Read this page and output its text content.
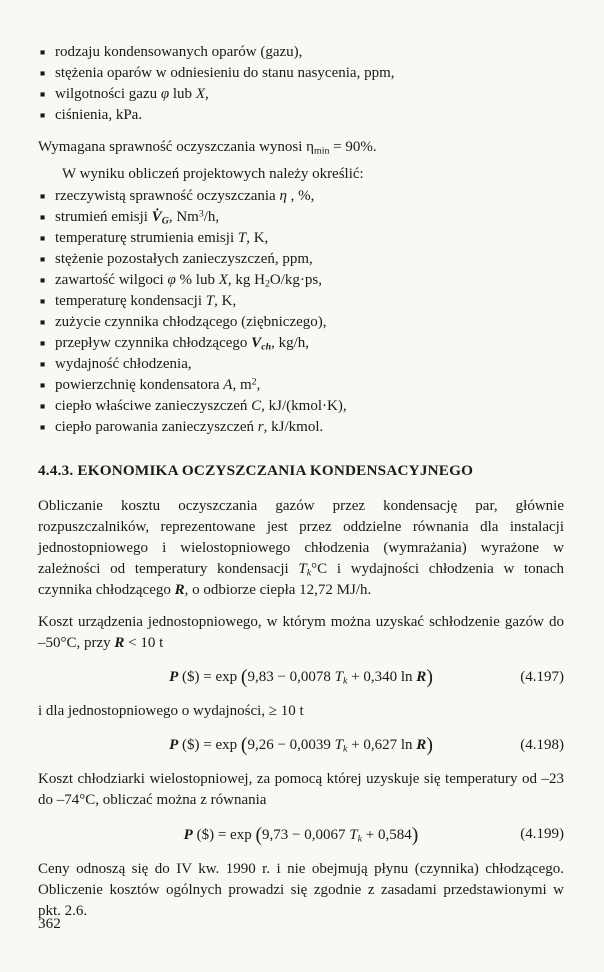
■ rodzaju kondensowanych oparów (gazu),
■ stężenia oparów w odniesieniu do stanu nasycenia, ppm,
■ wilgotności gazu φ lub X,
■ ciśnienia, kPa.

Wymagana sprawność oczyszczania wynosi $\eta_{min} = 90\%$.

W wyniku obliczeń projektowych należy określić:

■ rzeczywistą sprawność oczyszczania η , %,
■ strumień emisji $V̇_G$, Nm$^3$/h,
■ temperaturę strumienia emisji T, K,
■ stężenie pozostałych zanieczyszczeń, ppm,
■ zawartość wilgoci φ % lub X, kg $H_2O/kg\cdot ps$,
■ temperaturę kondensacji T, K,
■ zużycie czynnika chłodzącego (ziębniczego),
■ przepływ czynnika chłodzącego $V_{ch}$, kg/h,
■ wydajność chłodzenia,
■ powierzchnię kondensatora A, $m^2$,
■ ciepło właściwe zanieczyszczeń C, kJ/(kmol·K),
■ ciepło parowania zanieczyszczeń r, kJ/kmol.
4.4.3. EKONOMIKA OCZYSZCZANIA KONDENSACYJNEGO

Obliczanie kosztu oczyszczania gazów przez kondensację par, głównie rozpuszczalników, reprezentowane jest przez oddzielne równania dla instalacji jednostopniowego i wielostopniowego chłodzenia (wymrażania) wyrażone w zależności od temperatury kondensacji $T_k^\circ C$ i wydajności chłodzenia w tonach czynnika chłodzącego R, o odbiorze ciepła 12,72 MJ/h.

Koszt urządzenia jednostopniowego, w którym można uzyskać schłodzenie gazów do –50°C, przy R < 10 t

P ($) = exp (9,83 − 0,0078 $T_k + 0,340$ ln R)	(4.197)

i dla jednostopniowego o wydajności, ≥ 10 t

P ($) = exp (9,26 − 0,0039 $T_k + 0,627$ ln R)	(4.198)

Koszt chłodziarki wielostopniowej, za pomocą której uzyskuje się temperatury od –23 do –74°C, obliczać można z równania

P ($) = exp (9,73 − 0,0067 $T_k + 0,584$)	(4.199)

Ceny odnoszą się do IV kw. 1990 r. i nie obejmują płynu (czynnika) chłodzącego. Obliczenie kosztów ogólnych prowadzi się zgodnie z zasadami przedstawionymi w pkt. 2.6.

362
